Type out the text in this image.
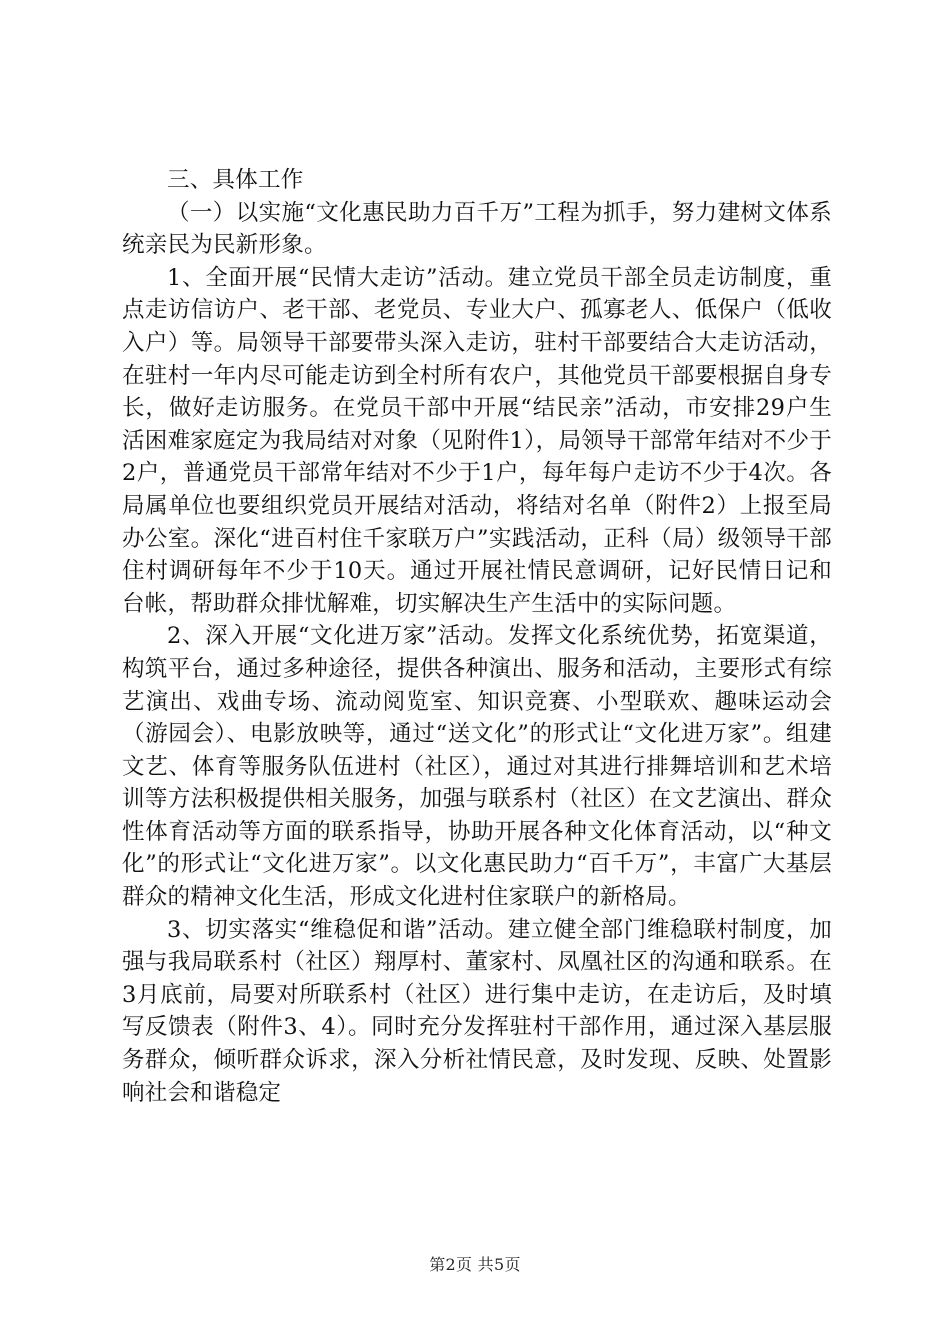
三、具体工作

（一）以实施“文化惠民助力百千万”工程为抓手，努力建树文体系统亲民为民新形象。

1、全面开展“民情大走访”活动。建立党员干部全员走访制度，重点走访信访户、老干部、老党员、专业大户、孤寡老人、低保户（低收入户）等。局领导干部要带头深入走访，驻村干部要结合大走访活动，在驻村一年内尽可能走访到全村所有农户，其他党员干部要根据自身专长，做好走访服务。在党员干部中开展“结民亲”活动，市安排29户生活困难家庭定为我局结对对象（见附件1），局领导干部常年结对不少于2户，普通党员干部常年结对不少于1户，每年每户走访不少于4次。各局属单位也要组织党员开展结对活动，将结对名单（附件2）上报至局办公室。深化“进百村住千家联万户”实践活动，正科（局）级领导干部住村调研每年不少于10天。通过开展社情民意调研，记好民情日记和台帐，帮助群众排忧解难，切实解决生产生活中的实际问题。

2、深入开展“文化进万家”活动。发挥文化系统优势，拓宽渠道，构筑平台，通过多种途径，提供各种演出、服务和活动，主要形式有综艺演出、戏曲专场、流动阅览室、知识竞赛、小型联欢、趣味运动会（游园会）、电影放映等，通过“送文化”的形式让“文化进万家”。组建文艺、体育等服务队伍进村（社区），通过对其进行排舞培训和艺术培训等方法积极提供相关服务，加强与联系村（社区）在文艺演出、群众性体育活动等方面的联系指导，协助开展各种文化体育活动，以“种文化”的形式让“文化进万家”。以文化惠民助力“百千万”，丰富广大基层群众的精神文化生活，形成文化进村住家联户的新格局。

3、切实落实“维稳促和谐”活动。建立健全部门维稳联村制度，加强与我局联系村（社区）翔厚村、董家村、凤凰社区的沟通和联系。在3月底前，局要对所联系村（社区）进行集中走访，在走访后，及时填写反馈表（附件3、4）。同时充分发挥驻村干部作用，通过深入基层服务群众，倾听群众诉求，深入分析社情民意，及时发现、反映、处置影响社会和谐稳定

第2页 共5页
